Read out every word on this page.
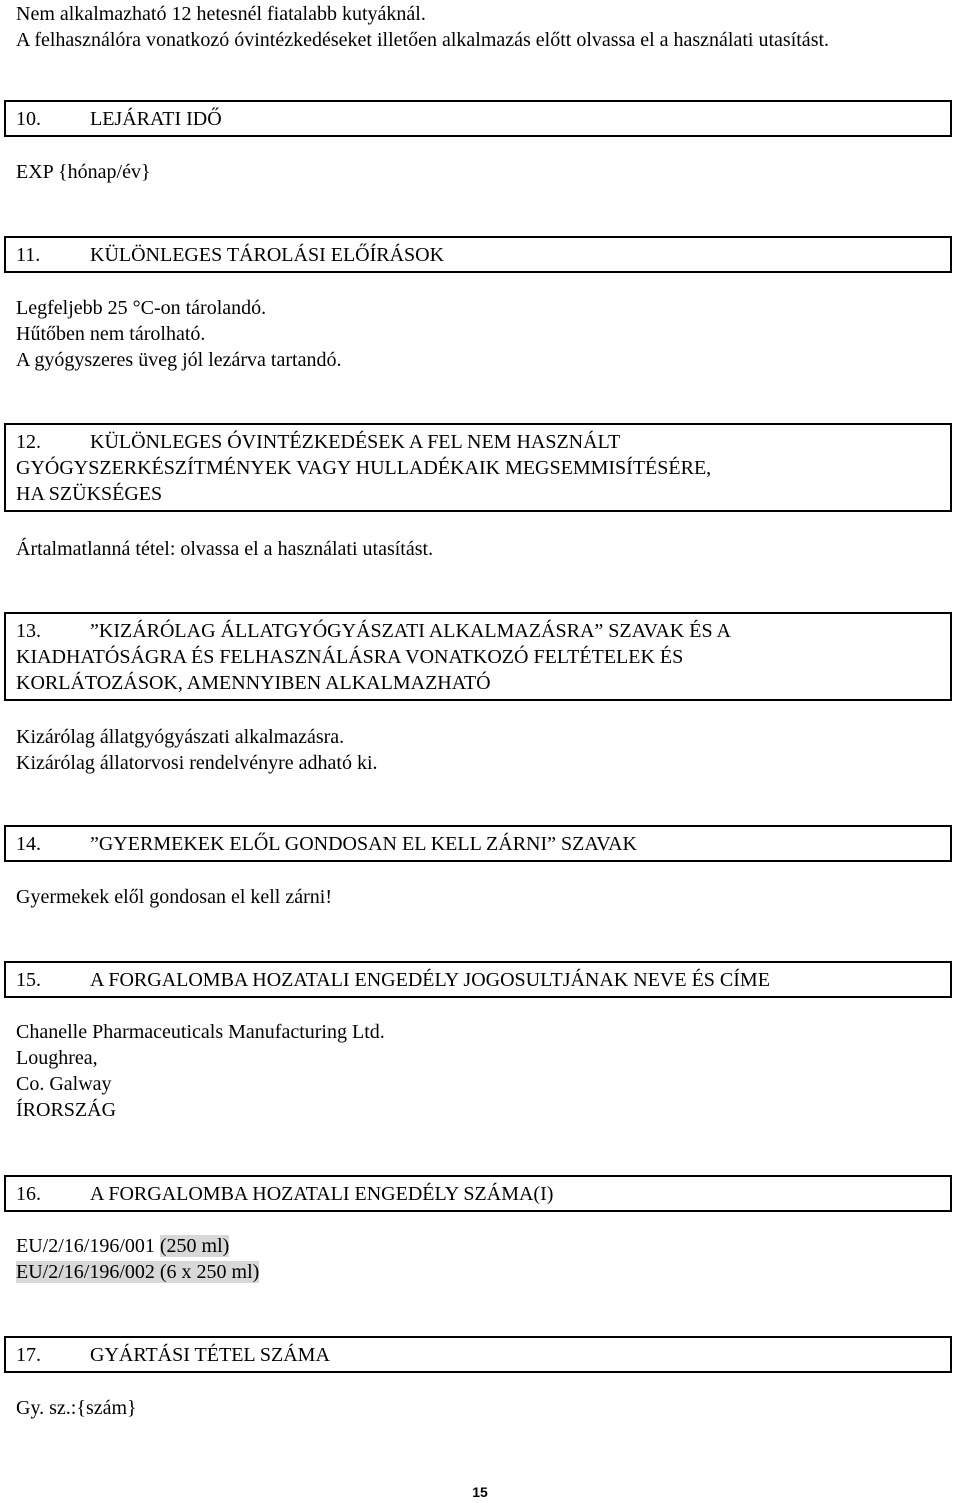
Nem alkalmazható 12 hetesnél fiatalabb kutyáknál.
A felhasználóra vonatkozó óvintézkedéseket illetően alkalmazás előtt olvassa el a használati utasítást.
10.	LEJÁRATI IDŐ
EXP {hónap/év}
11.	KÜLÖNLEGES TÁROLÁSI ELŐÍRÁSOK
Legfeljebb 25 °C-on tárolandó.
Hűtőben nem tárolható.
A gyógyszeres üveg jól lezárva tartandó.
12.	KÜLÖNLEGES ÓVINTÉZKEDÉSEK A FEL NEM HASZNÁLT
GYÓGYSZERKÉSZÍTMÉNYEK VAGY HULLADÉKAIK MEGSEMMISÍTÉSÉRE,
HA SZÜKSÉGES
Ártalmatlanná tétel: olvassa el a használati utasítást.
13.	”KIZÁRÓLAG ÁLLATGYÓGYÁSZATI ALKALMAZÁSRA” SZAVAK ÉS A
KIADHATÓSÁGRA ÉS FELHASZNÁLÁSRA VONATKOZÓ FELTÉTELEK ÉS
KORLÁTOZÁSOK, AMENNYIBEN ALKALMAZHATÓ
Kizárólag állatgyógyászati alkalmazásra.
Kizárólag állatorvosi rendelvényre adható ki.
14.	”GYERMEKEK ELŐL GONDOSAN EL KELL ZÁRNI” SZAVAK
Gyermekek elől gondosan el kell zárni!
15.	A FORGALOMBA HOZATALI ENGEDÉLY JOGOSULTJÁNAK NEVE ÉS CÍME
Chanelle Pharmaceuticals Manufacturing Ltd.
Loughrea,
Co. Galway
ÍRORSZÁG
16.	A FORGALOMBA HOZATALI ENGEDÉLY SZÁMA(I)
EU/2/16/196/001 (250 ml)
EU/2/16/196/002 (6 x 250 ml)
17.	GYÁRTÁSI TÉTEL SZÁMA
Gy. sz.:{szám}
15
